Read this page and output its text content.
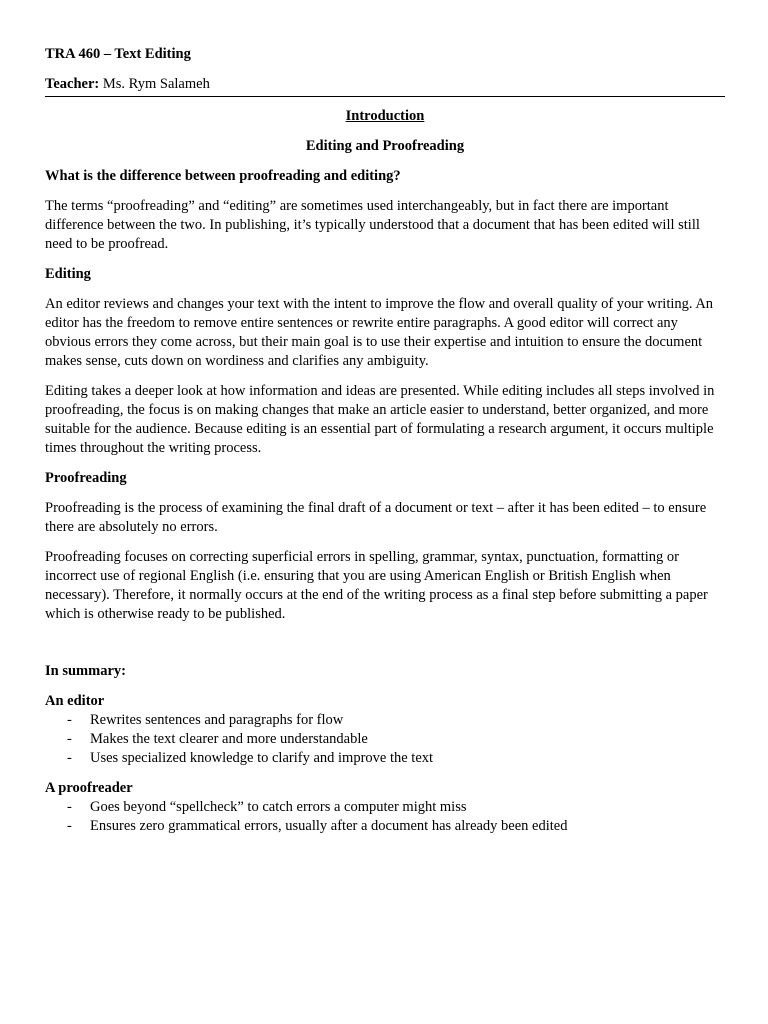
TRA 460 – Text Editing

Teacher: Ms. Rym Salameh

Introduction

Editing and Proofreading

What is the difference between proofreading and editing?

The terms “proofreading” and “editing” are sometimes used interchangeably, but in fact there are important difference between the two. In publishing, it’s typically understood that a document that has been edited will still need to be proofread.

Editing

An editor reviews and changes your text with the intent to improve the flow and overall quality of your writing. An editor has the freedom to remove entire sentences or rewrite entire paragraphs. A good editor will correct any obvious errors they come across, but their main goal is to use their expertise and intuition to ensure the document makes sense, cuts down on wordiness and clarifies any ambiguity.

Editing takes a deeper look at how information and ideas are presented. While editing includes all steps involved in proofreading, the focus is on making changes that make an article easier to understand, better organized, and more suitable for the audience. Because editing is an essential part of formulating a research argument, it occurs multiple times throughout the writing process.

Proofreading

Proofreading is the process of examining the final draft of a document or text – after it has been edited – to ensure there are absolutely no errors.

Proofreading focuses on correcting superficial errors in spelling, grammar, syntax, punctuation, formatting or incorrect use of regional English (i.e. ensuring that you are using American English or British English when necessary). Therefore, it normally occurs at the end of the writing process as a final step before submitting a paper which is otherwise ready to be published.

In summary:

An editor

- Rewrites sentences and paragraphs for flow
- Makes the text clearer and more understandable
- Uses specialized knowledge to clarify and improve the text

A proofreader

- Goes beyond “spellcheck” to catch errors a computer might miss
- Ensures zero grammatical errors, usually after a document has already been edited
